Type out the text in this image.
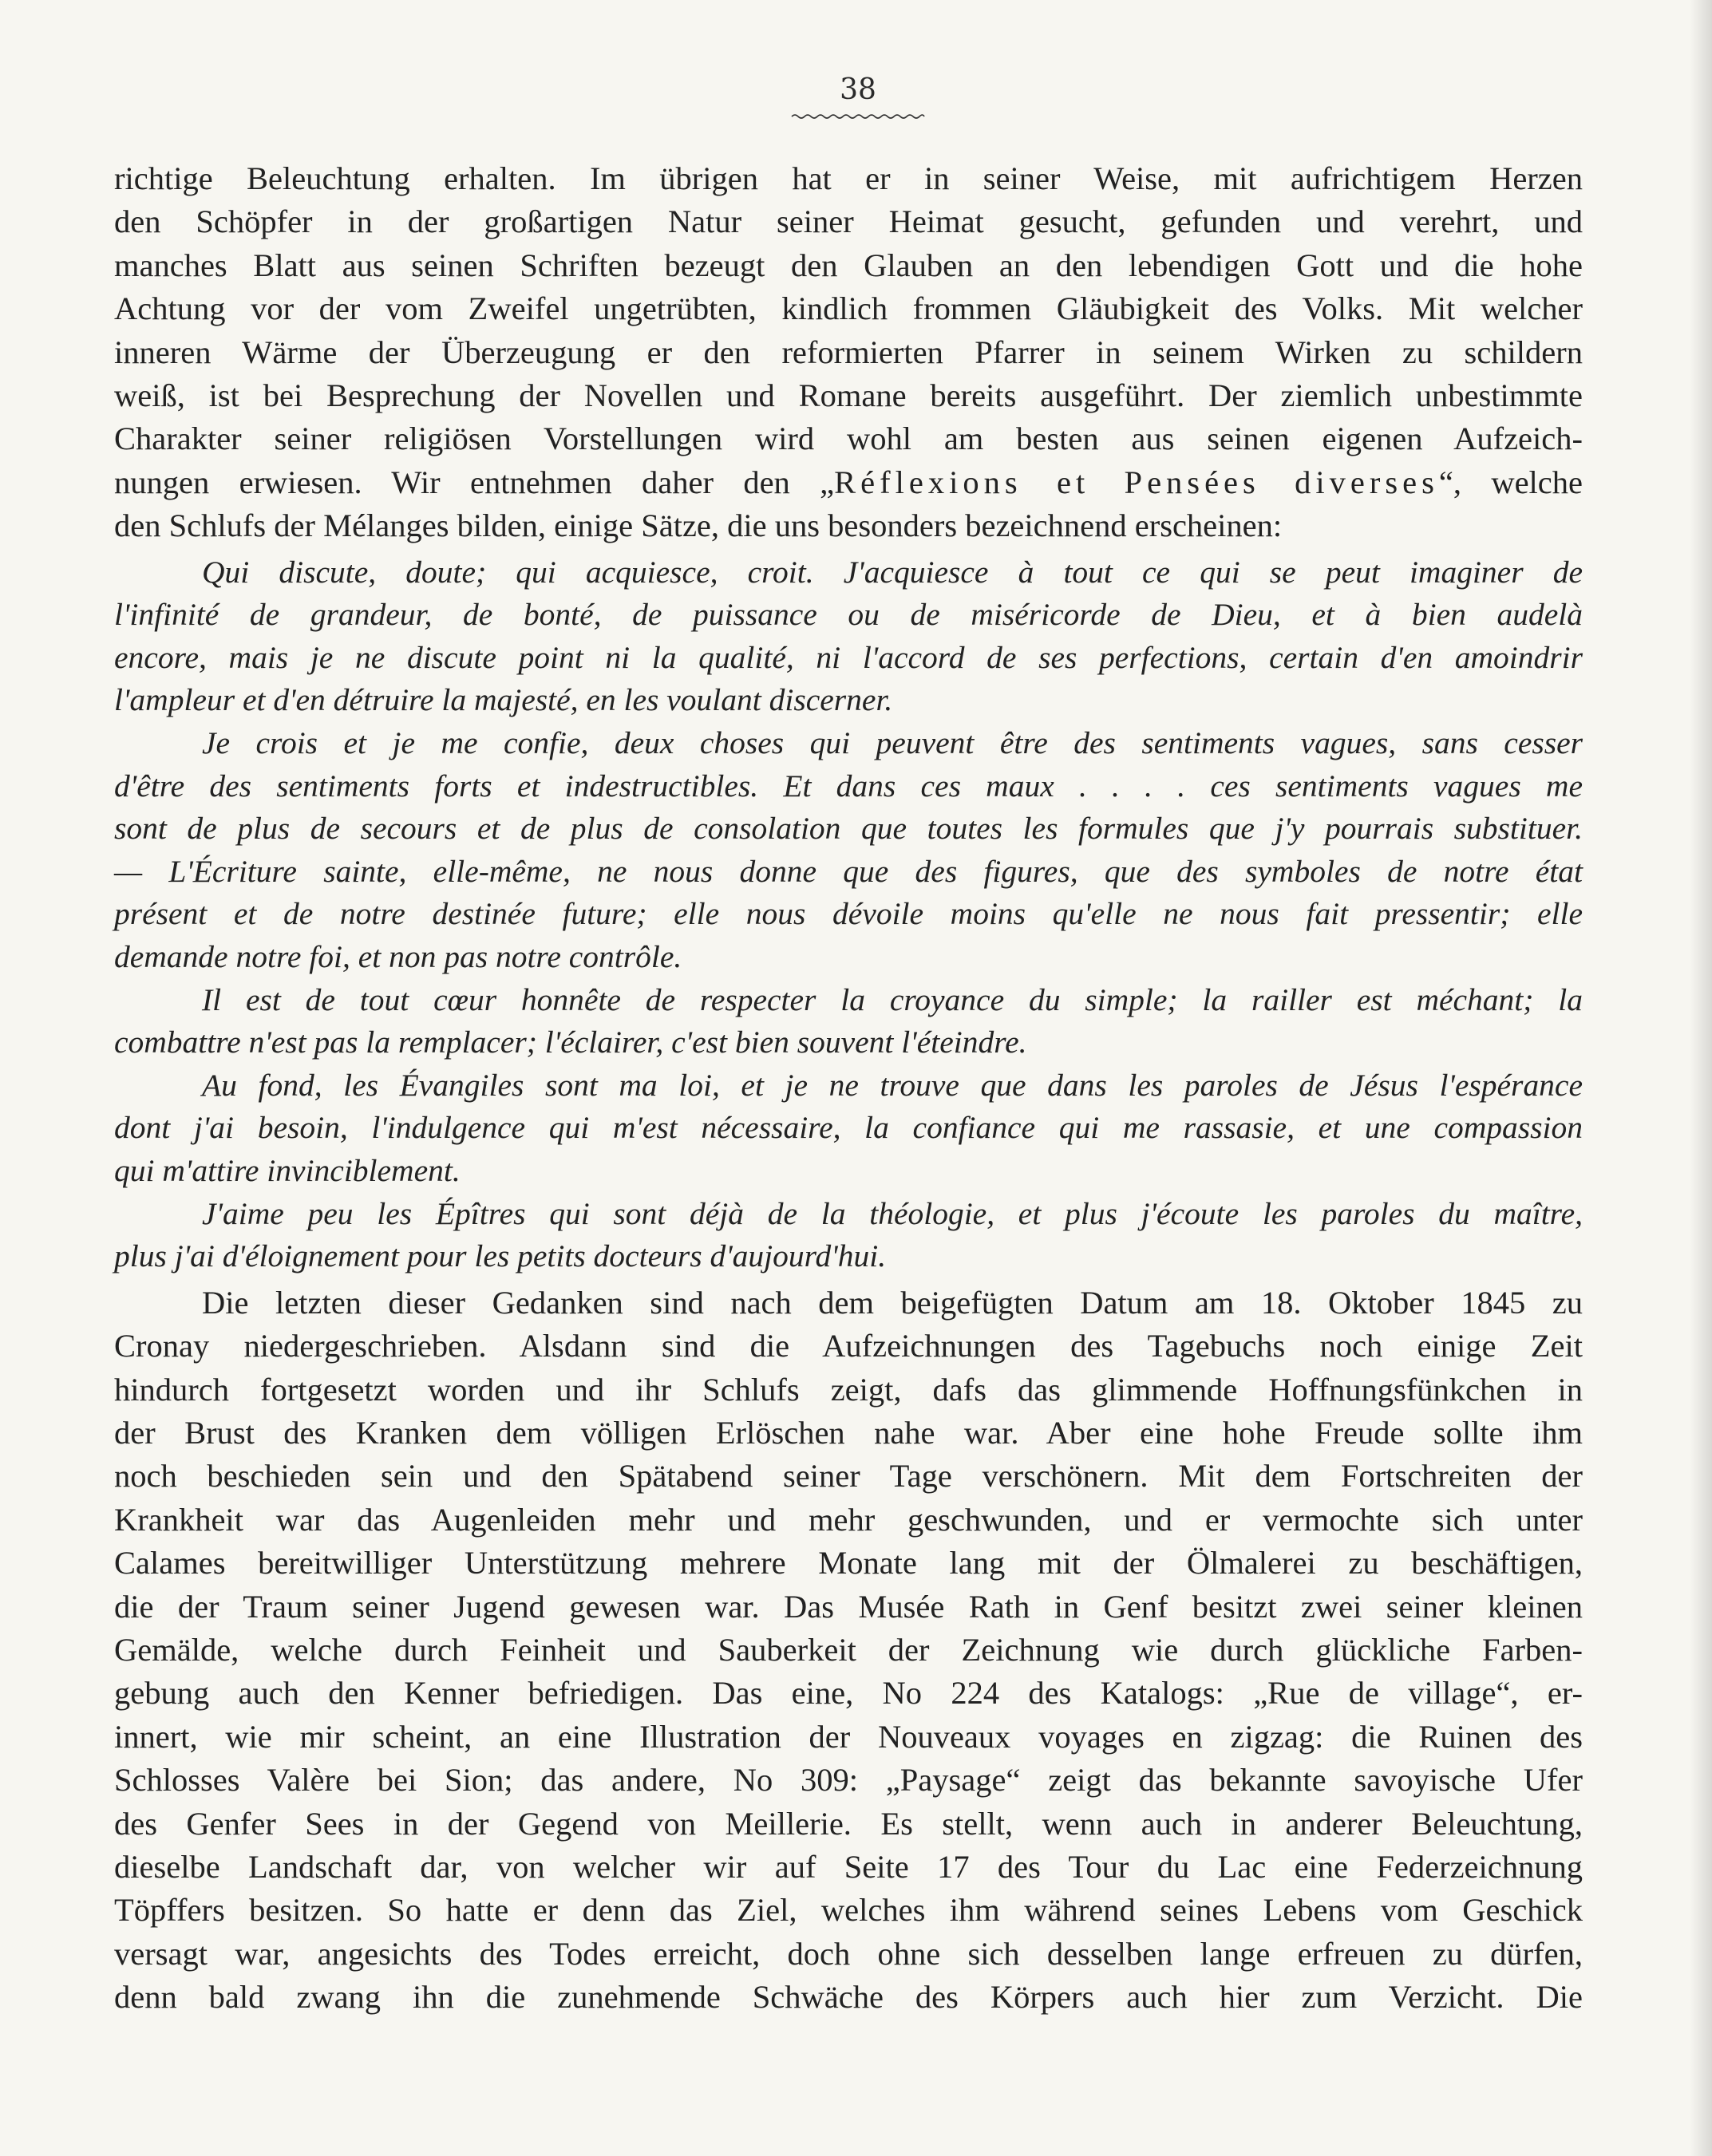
38
richtige Beleuchtung erhalten. Im übrigen hat er in seiner Weise, mit aufrichtigem Herzen
den Schöpfer in der großartigen Natur seiner Heimat gesucht, gefunden und verehrt, und
manches Blatt aus seinen Schriften bezeugt den Glauben an den lebendigen Gott und die hohe
Achtung vor der vom Zweifel ungetrübten, kindlich frommen Gläubigkeit des Volks. Mit welcher
inneren Wärme der Überzeugung er den reformierten Pfarrer in seinem Wirken zu schildern
weiß, ist bei Besprechung der Novellen und Romane bereits ausgeführt. Der ziemlich unbestimmte
Charakter seiner religiösen Vorstellungen wird wohl am besten aus seinen eigenen Aufzeich-
nungen erwiesen. Wir entnehmen daher den „Réflexions et Pensées diverses“, welche
den Schlufs der Mélanges bilden, einige Sätze, die uns besonders bezeichnend erscheinen:
Qui discute, doute; qui acquiesce, croit. J'acquiesce à tout ce qui se peut imaginer de
l'infinité de grandeur, de bonté, de puissance ou de miséricorde de Dieu, et à bien audelà
encore, mais je ne discute point ni la qualité, ni l'accord de ses perfections, certain d'en amoindrir
l'ampleur et d'en détruire la majesté, en les voulant discerner.
Je crois et je me confie, deux choses qui peuvent être des sentiments vagues, sans cesser
d'être des sentiments forts et indestructibles. Et dans ces maux . . . . ces sentiments vagues me
sont de plus de secours et de plus de consolation que toutes les formules que j'y pourrais substituer.
— L'Écriture sainte, elle-même, ne nous donne que des figures, que des symboles de notre état
présent et de notre destinée future; elle nous dévoile moins qu'elle ne nous fait pressentir; elle
demande notre foi, et non pas notre contrôle.
Il est de tout cœur honnête de respecter la croyance du simple; la railler est méchant; la
combattre n'est pas la remplacer; l'éclairer, c'est bien souvent l'éteindre.
Au fond, les Évangiles sont ma loi, et je ne trouve que dans les paroles de Jésus l'espérance
dont j'ai besoin, l'indulgence qui m'est nécessaire, la confiance qui me rassasie, et une compassion
qui m'attire invinciblement.
J'aime peu les Épîtres qui sont déjà de la théologie, et plus j'écoute les paroles du maître,
plus j'ai d'éloignement pour les petits docteurs d'aujourd'hui.
Die letzten dieser Gedanken sind nach dem beigefügten Datum am 18. Oktober 1845 zu
Cronay niedergeschrieben. Alsdann sind die Aufzeichnungen des Tagebuchs noch einige Zeit
hindurch fortgesetzt worden und ihr Schlufs zeigt, dafs das glimmende Hoffnungsfünkchen in
der Brust des Kranken dem völligen Erlöschen nahe war. Aber eine hohe Freude sollte ihm
noch beschieden sein und den Spätabend seiner Tage verschönern. Mit dem Fortschreiten der
Krankheit war das Augenleiden mehr und mehr geschwunden, und er vermochte sich unter
Calames bereitwilliger Unterstützung mehrere Monate lang mit der Ölmalerei zu beschäftigen,
die der Traum seiner Jugend gewesen war. Das Musée Rath in Genf besitzt zwei seiner kleinen
Gemälde, welche durch Feinheit und Sauberkeit der Zeichnung wie durch glückliche Farben-
gebung auch den Kenner befriedigen. Das eine, No 224 des Katalogs: „Rue de village“, er-
innert, wie mir scheint, an eine Illustration der Nouveaux voyages en zigzag: die Ruinen des
Schlosses Valère bei Sion; das andere, No 309: „Paysage“ zeigt das bekannte savoyische Ufer
des Genfer Sees in der Gegend von Meillerie. Es stellt, wenn auch in anderer Beleuchtung,
dieselbe Landschaft dar, von welcher wir auf Seite 17 des Tour du Lac eine Federzeichnung
Töpffers besitzen. So hatte er denn das Ziel, welches ihm während seines Lebens vom Geschick
versagt war, angesichts des Todes erreicht, doch ohne sich desselben lange erfreuen zu dürfen,
denn bald zwang ihn die zunehmende Schwäche des Körpers auch hier zum Verzicht. Die
